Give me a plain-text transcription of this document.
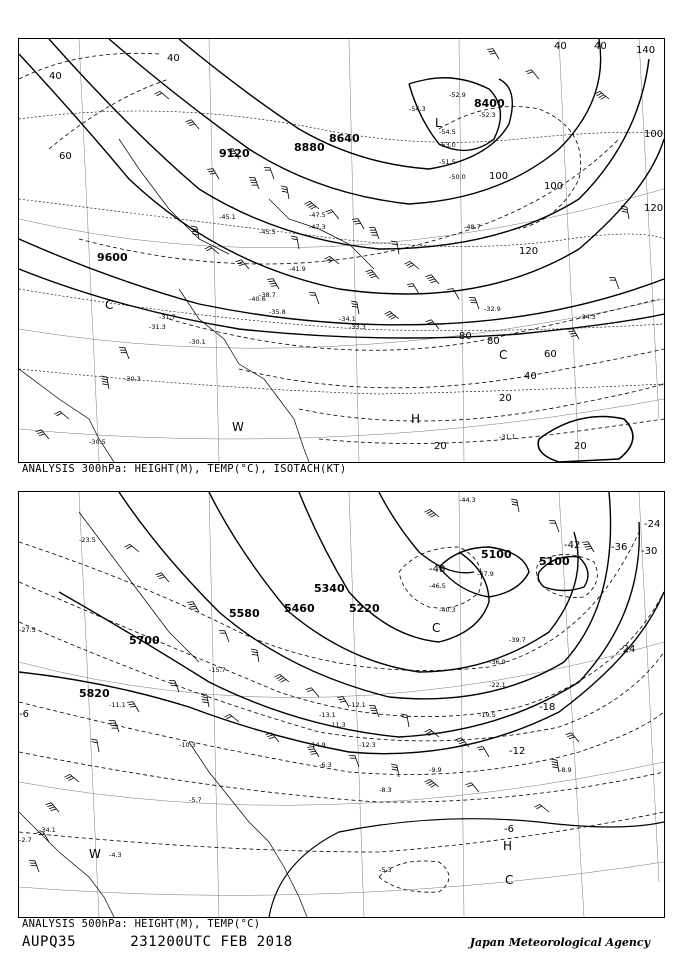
-52.9
-54.3
-54.5
-53.0
-52.3
-51.5
-50.0
-48.7
-47.3
-47.5
-45.5
-41.9
-38.7
-35.8
-34.1
-33.3
-32.9
-31.7
-31.3
-30.1
-30.3
-30.5
-31.1
-45.1
-40.6
-34.3
9600
9120
8640
8400
8880
40
40
40	40
60
80
100
100
120
40
20
20
20
60
80
100
120
140
L
H
W
C
C
ANALYSIS 300hPa: HEIGHT(M), TEMP(°C), ISOTACH(KT)
-47.9
-44.3
-46.5
-40.3
-39.7
-36.9
-22.1
-19.5
-15.7
-13.1
-12.3
-11.3
-9.9
-8.3
-6.3
-5.3
-12.1
-14.9
-11.1
-8.9
-4.3
-2.7
-5.7
-10.3
-27.5
-23.5
-34.1
5820
5700
5580 5460
5340
5220
5100
5100
-24
-30
-36
-42
-48
-24
-18
-12
-6
-6
H
C
C
W
ANALYSIS 500hPa: HEIGHT(M), TEMP(°C)
AUPQ35	231200UTC FEB 2018	Japan Meteorological Agency
